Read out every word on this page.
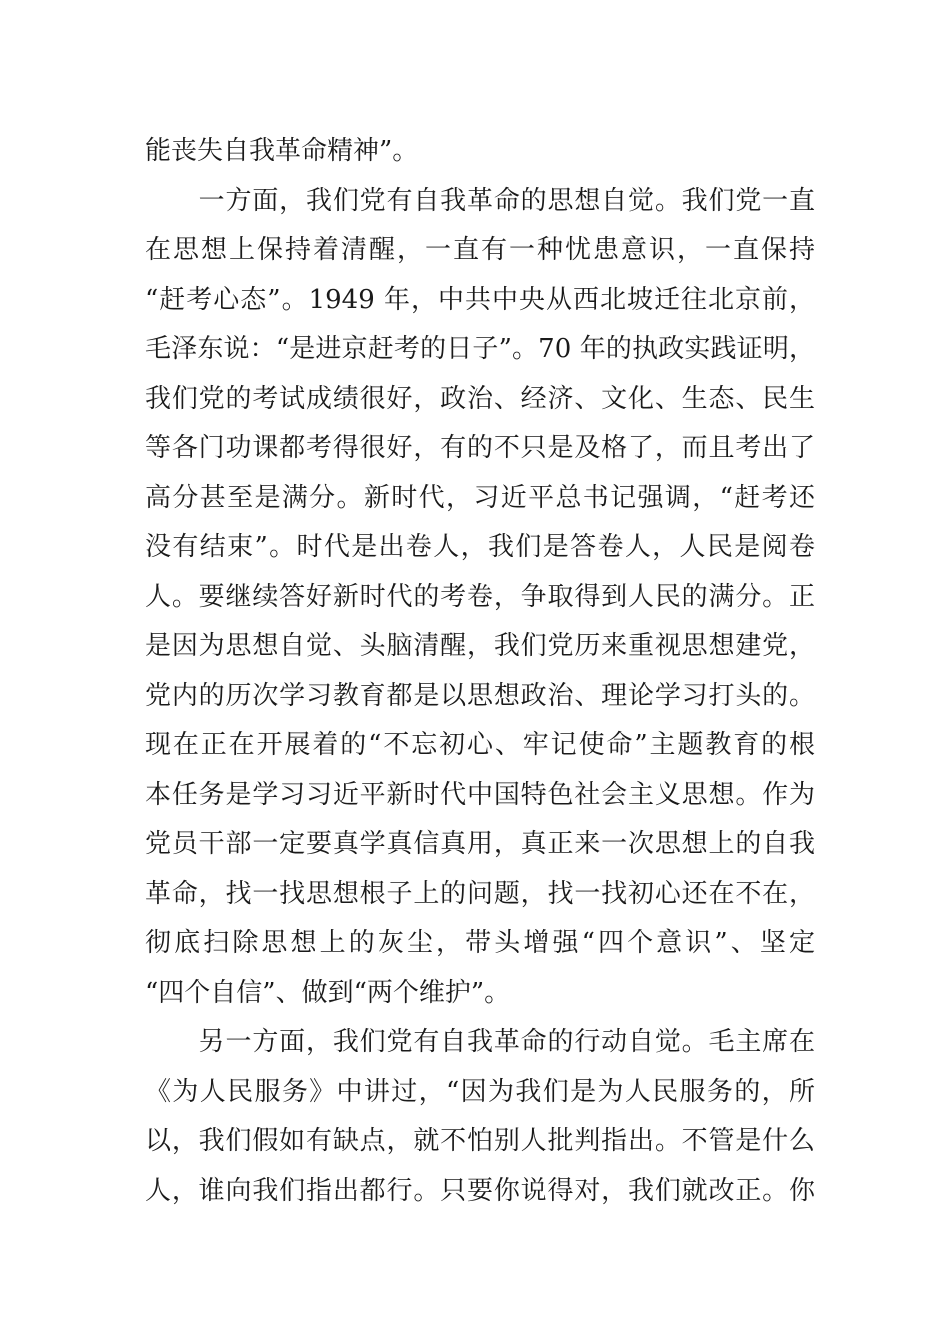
能丧失自我革命精神”。
　　一方面，我们党有自我革命的思想自觉。我们党一直
在思想上保持着清醒，一直有一种忧患意识，一直保持
“赶考心态”。1949 年，中共中央从西北坡迁往北京前，
毛泽东说：“是进京赶考的日子”。70 年的执政实践证明，
我们党的考试成绩很好，政治、经济、文化、生态、民生
等各门功课都考得很好，有的不只是及格了，而且考出了
高分甚至是满分。新时代，习近平总书记强调，“赶考还
没有结束”。时代是出卷人，我们是答卷人，人民是阅卷
人。要继续答好新时代的考卷，争取得到人民的满分。正
是因为思想自觉、头脑清醒，我们党历来重视思想建党，
党内的历次学习教育都是以思想政治、理论学习打头的。
现在正在开展着的“不忘初心、牢记使命”主题教育的根
本任务是学习习近平新时代中国特色社会主义思想。作为
党员干部一定要真学真信真用，真正来一次思想上的自我
革命，找一找思想根子上的问题，找一找初心还在不在，
彻底扫除思想上的灰尘，带头增强“四个意识”、坚定
“四个自信”、做到“两个维护”。
　　另一方面，我们党有自我革命的行动自觉。毛主席在
《为人民服务》中讲过，“因为我们是为人民服务的，所
以，我们假如有缺点，就不怕别人批判指出。不管是什么
人，谁向我们指出都行。只要你说得对，我们就改正。你
